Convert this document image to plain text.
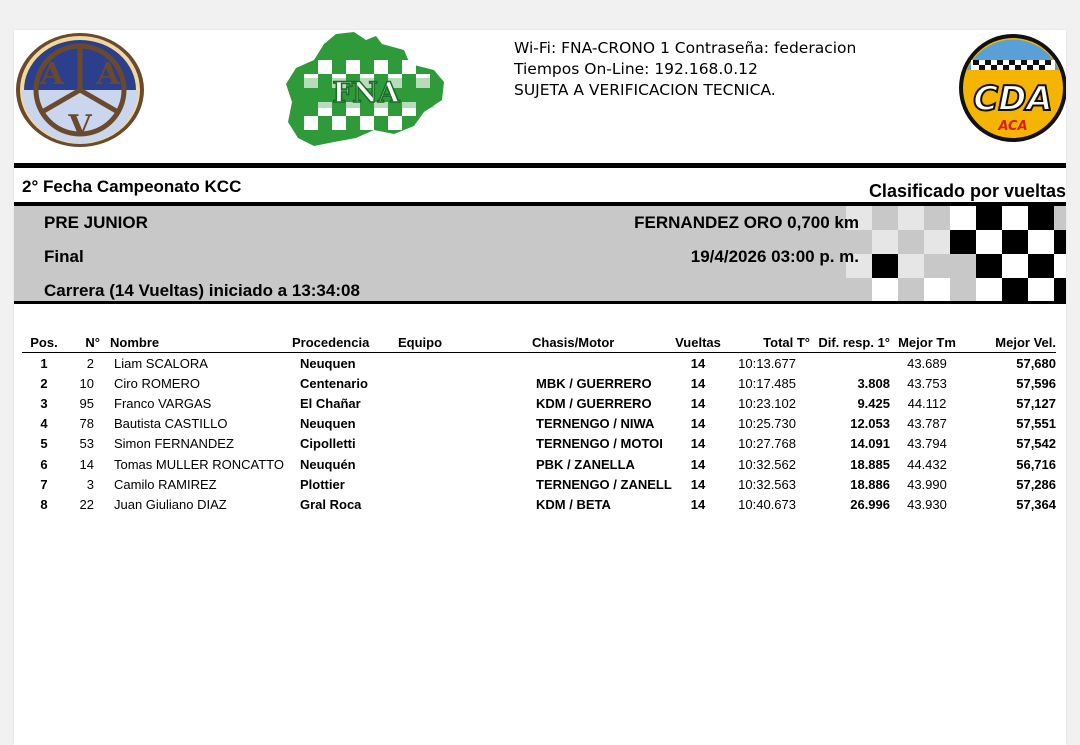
A A
V
FNA
Wi-Fi: FNA-CRONO 1 Contraseña: federacion
Tiempos On-Line: 192.168.0.12
SUJETA A VERIFICACION TECNICA.	CDA
ACA
2° Fecha Campeonato KCC	Clasificado por vueltas
PRE JUNIOR
Final
Carrera (14 Vueltas) iniciado a 13:34:08
FERNANDEZ ORO 0,700 km
19/4/2026 03:00 p. m.
Pos.	N°	Nombre	Procedencia	Equipo	Chasis/Motor	Vueltas	Total T°	Dif. resp. 1°	Mejor Tm	Mejor Vel.
1	2	Liam SCALORA	Neuquen			14	10:13.677		43.689	57,680
2	10	Ciro ROMERO	Centenario		MBK / GUERRERO	14	10:17.485	3.808	43.753	57,596
3	95	Franco VARGAS	El Chañar		KDM / GUERRERO	14	10:23.102	9.425	44.112	57,127
4	78	Bautista CASTILLO	Neuquen		TERNENGO / NIWA	14	10:25.730	12.053	43.787	57,551
5	53	Simon FERNANDEZ	Cipolletti		TERNENGO / MOTOI	14	10:27.768	14.091	43.794	57,542
6	14	Tomas MULLER RONCATTO	Neuquén		PBK / ZANELLA	14	10:32.562	18.885	44.432	56,716
7	3	Camilo RAMIREZ	Plottier		TERNENGO / ZANELL	14	10:32.563	18.886	43.990	57,286
8	22	Juan Giuliano DIAZ	Gral Roca		KDM / BETA	14	10:40.673	26.996	43.930	57,364
